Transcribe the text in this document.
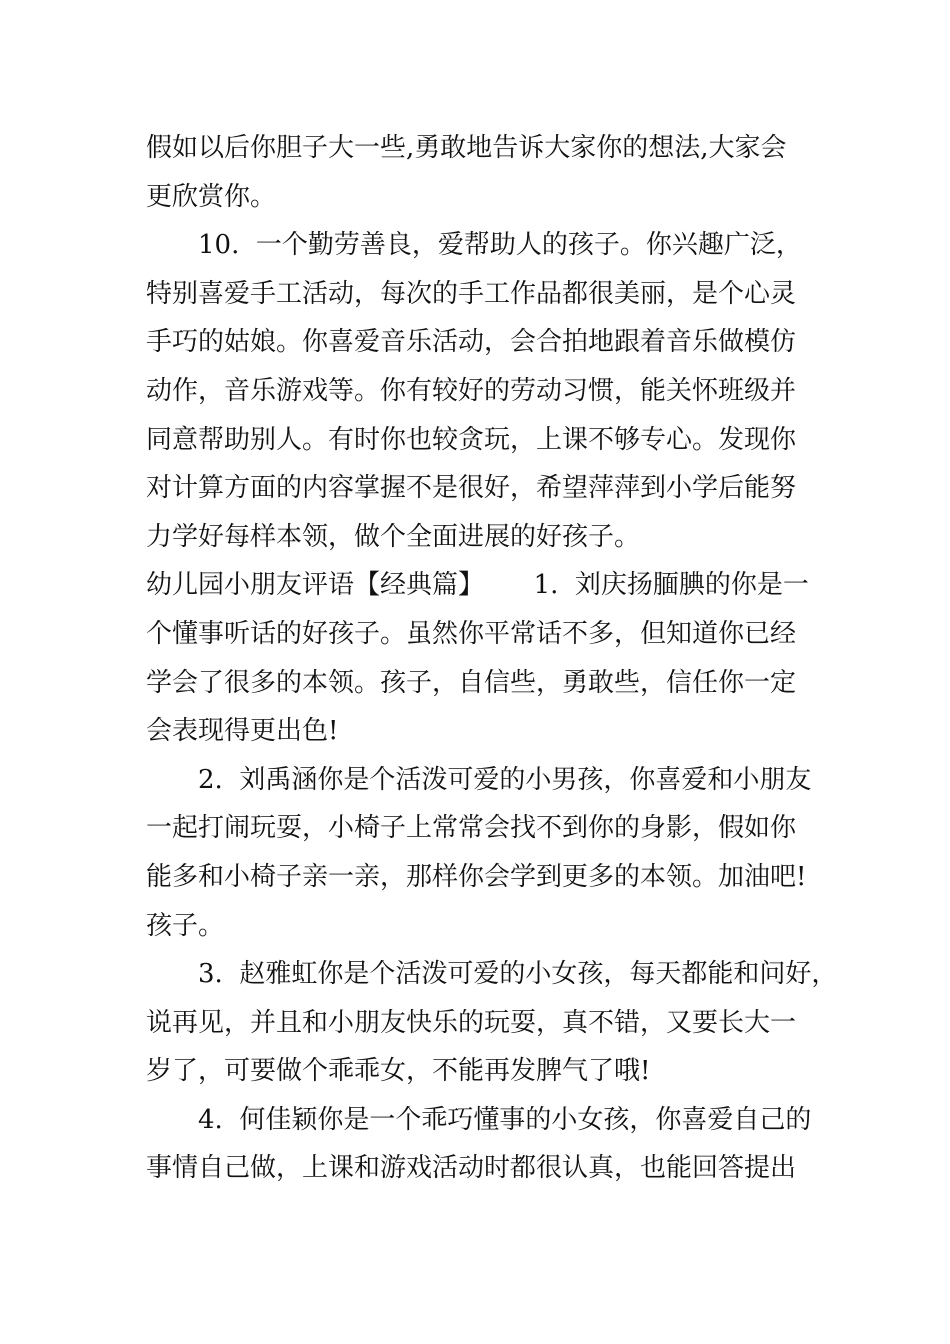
假如以后你胆子大一些,勇敢地告诉大家你的想法,大家会
更欣赏你。
10.  一个勤劳善良，爱帮助人的孩子。你兴趣广泛，
特别喜爱手工活动，每次的手工作品都很美丽，是个心灵
手巧的姑娘。你喜爱音乐活动，会合拍地跟着音乐做模仿
动作，音乐游戏等。你有较好的劳动习惯，能关怀班级并
同意帮助别人。有时你也较贪玩，上课不够专心。发现你
对计算方面的内容掌握不是很好，希望萍萍到小学后能努
力学好每样本领，做个全面进展的好孩子。
幼儿园小朋友评语【经典篇】      1.  刘庆扬腼腆的你是一
个懂事听话的好孩子。虽然你平常话不多，但知道你已经
学会了很多的本领。孩子，自信些，勇敢些，信任你一定
会表现得更出色!
2.  刘禹涵你是个活泼可爱的小男孩，你喜爱和小朋友
一起打闹玩耍，小椅子上常常会找不到你的身影，假如你
能多和小椅子亲一亲，那样你会学到更多的本领。加油吧!
孩子。
3.  赵雅虹你是个活泼可爱的小女孩，每天都能和问好，
说再见，并且和小朋友快乐的玩耍，真不错，又要长大一
岁了，可要做个乖乖女，不能再发脾气了哦!
4.  何佳颖你是一个乖巧懂事的小女孩，你喜爱自己的
事情自己做，上课和游戏活动时都很认真，也能回答提出
